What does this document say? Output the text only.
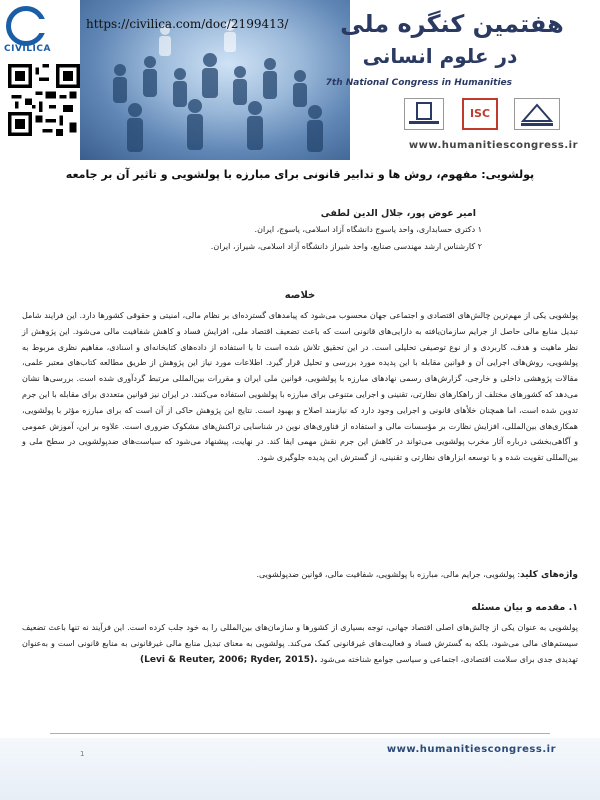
CIVILICA
https://civilica.com/doc/2199413/	هفتمین کنگره ملی
در علوم انسانی
7th National Congress in Humanities
ISC
www.humanitiescongress.ir
پولشویی: مفهوم، روش ها و تدابیر قانونی برای مبارزه با پولشویی و تاثیر آن بر جامعه
امیر عوض پور، جلال الدین لطفی
۱ دکتری حسابداری، واحد یاسوج دانشگاه آزاد اسلامی، یاسوج، ایران.
۲ کارشناس ارشد مهندسی صنایع، واحد شیراز دانشگاه آزاد اسلامی، شیراز، ایران.
خلاصه
پولشویی یکی از مهم‌ترین چالش‌های اقتصادی و اجتماعی جهان محسوب می‌شود که پیامدهای گسترده‌ای بر نظام مالی، امنیتی و حقوقی کشورها دارد. این فرایند شامل تبدیل منابع مالی حاصل از جرایم سازمان‌یافته به دارایی‌های قانونی است که باعث تضعیف اقتصاد ملی، افزایش فساد و کاهش شفافیت مالی می‌شود. این پژوهش از نظر ماهیت و هدف، کاربردی و از نوع توصیفی تحلیلی است. در این تحقیق تلاش شده است تا با استفاده از داده‌های کتابخانه‌ای و اسنادی، مفاهیم نظری مربوط به پولشویی، روش‌های اجرایی آن و قوانین مقابله با این پدیده مورد بررسی و تحلیل قرار گیرد. اطلاعات مورد نیاز این پژوهش از طریق مطالعه کتاب‌های معتبر علمی، مقالات پژوهشی داخلی و خارجی، گزارش‌های رسمی نهادهای مبارزه با پولشویی، قوانین ملی ایران و مقررات بین‌المللی مرتبط گردآوری شده است. بررسی‌ها نشان می‌دهد که کشورهای مختلف از راهکارهای نظارتی، تقنینی و اجرایی متنوعی برای مبارزه با پولشویی استفاده می‌کنند. در ایران نیز قوانین متعددی برای مقابله با این جرم تدوین شده است، اما همچنان خلأهای قانونی و اجرایی وجود دارد که نیازمند اصلاح و بهبود است. نتایج این پژوهش حاکی از آن است که برای مبارزه مؤثر با پولشویی، همکاری‌های بین‌المللی، افزایش نظارت بر مؤسسات مالی و استفاده از فناوری‌های نوین در شناسایی تراکنش‌های مشکوک ضروری است. علاوه بر این، آموزش عمومی و آگاهی‌بخشی درباره آثار مخرب پولشویی می‌تواند در کاهش این جرم نقش مهمی ایفا کند. در نهایت، پیشنهاد می‌شود که سیاست‌های ضدپولشویی در سطح ملی و بین‌المللی تقویت شده و با توسعه ابزارهای نظارتی و تقنینی، از گسترش این پدیده جلوگیری شود.
واژه‌های کلید: پولشویی، جرایم مالی، مبارزه با پولشویی، شفافیت مالی، قوانین ضدپولشویی.
۱. مقدمه و بیان مسئله
پولشویی به عنوان یکی از چالش‌های اصلی اقتصاد جهانی، توجه بسیاری از کشورها و سازمان‌های بین‌المللی را به خود جلب کرده است. این فرآیند نه تنها باعث تضعیف سیستم‌های مالی می‌شود، بلکه به گسترش فساد و فعالیت‌های غیرقانونی کمک می‌کند. پولشویی به معنای تبدیل منابع مالی غیرقانونی به منابع قانونی است و به‌عنوان تهدیدی جدی برای سلامت اقتصادی، اجتماعی و سیاسی جوامع شناخته می‌شود (Levi & Reuter, 2006; Ryder, 2015).
www.humanitiescongress.ir
1
